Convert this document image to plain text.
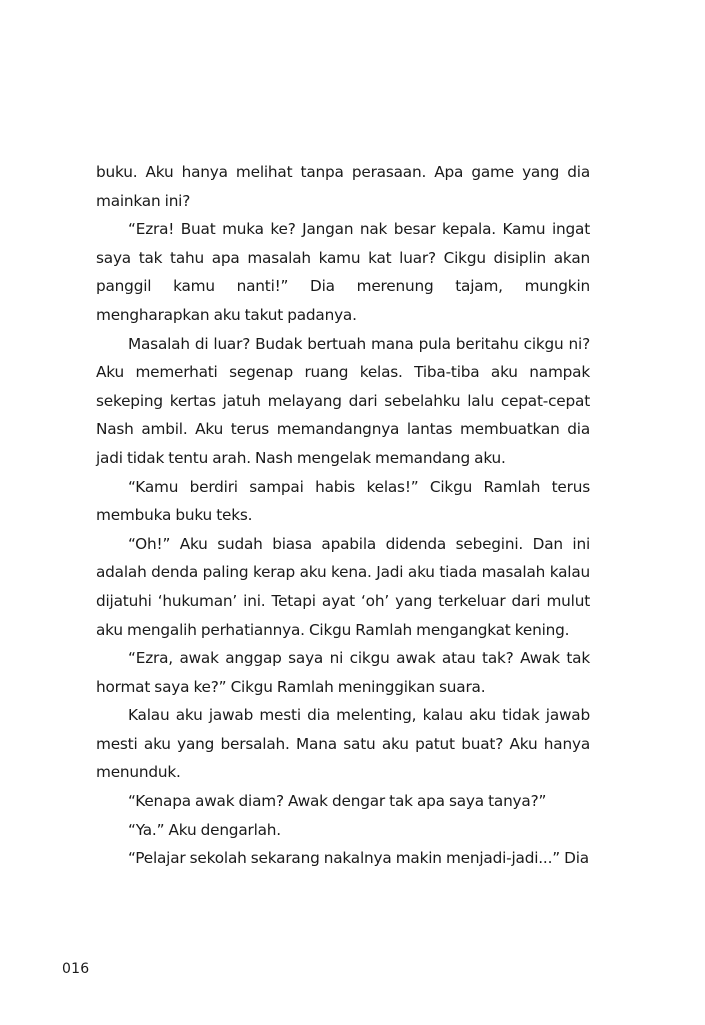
buku. Aku hanya melihat tanpa perasaan. Apa game yang dia mainkan ini?

“Ezra! Buat muka ke? Jangan nak besar kepala. Kamu ingat saya tak tahu apa masalah kamu kat luar? Cikgu disiplin akan panggil kamu nanti!” Dia merenung tajam, mungkin mengharapkan aku takut padanya.

Masalah di luar? Budak bertuah mana pula beritahu cikgu ni? Aku memerhati segenap ruang kelas. Tiba-tiba aku nampak sekeping kertas jatuh melayang dari sebelahku lalu cepat-cepat Nash ambil. Aku terus memandangnya lantas membuatkan dia jadi tidak tentu arah. Nash mengelak memandang aku.

“Kamu berdiri sampai habis kelas!” Cikgu Ramlah terus membuka buku teks.

“Oh!” Aku sudah biasa apabila didenda sebegini. Dan ini adalah denda paling kerap aku kena. Jadi aku tiada masalah kalau dijatuhi ‘hukuman’ ini. Tetapi ayat ‘oh’ yang terkeluar dari mulut aku mengalih perhatiannya. Cikgu Ramlah mengangkat kening.

“Ezra, awak anggap saya ni cikgu awak atau tak? Awak tak hormat saya ke?” Cikgu Ramlah meninggikan suara.

Kalau aku jawab mesti dia melenting, kalau aku tidak jawab mesti aku yang bersalah. Mana satu aku patut buat? Aku hanya menunduk.

“Kenapa awak diam? Awak dengar tak apa saya tanya?”

“Ya.” Aku dengarlah.

“Pelajar sekolah sekarang nakalnya makin menjadi-jadi...” Dia

016
